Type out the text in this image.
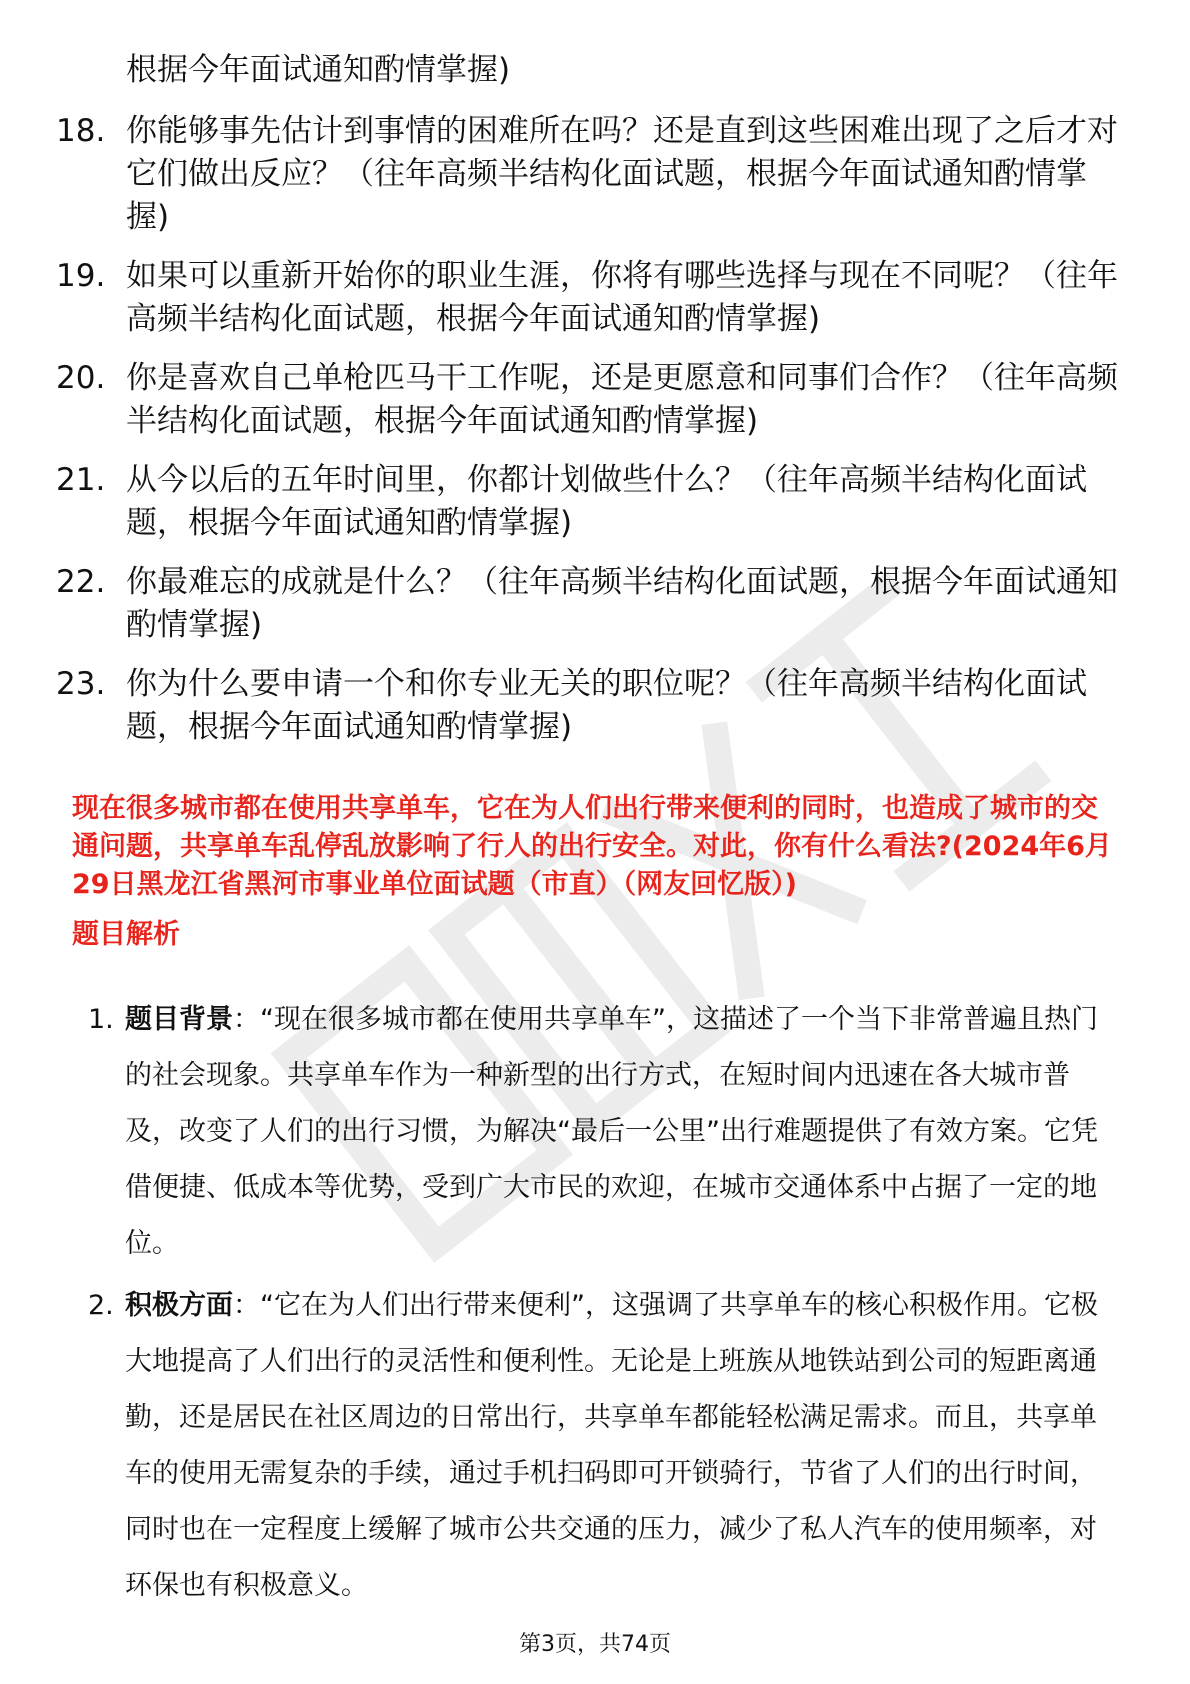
根据今年面试通知酌情掌握)
18. 你能够事先估计到事情的困难所在吗？还是直到这些困难出现了之后才对它们做出反应？（往年高频半结构化面试题，根据今年面试通知酌情掌握)
19. 如果可以重新开始你的职业生涯，你将有哪些选择与现在不同呢？（往年高频半结构化面试题，根据今年面试通知酌情掌握)
20. 你是喜欢自己单枪匹马干工作呢，还是更愿意和同事们合作？（往年高频半结构化面试题，根据今年面试通知酌情掌握)
21. 从今以后的五年时间里，你都计划做些什么？（往年高频半结构化面试题，根据今年面试通知酌情掌握)
22. 你最难忘的成就是什么？（往年高频半结构化面试题，根据今年面试通知酌情掌握)
23. 你为什么要申请一个和你专业无关的职位呢？（往年高频半结构化面试题，根据今年面试通知酌情掌握)
现在很多城市都在使用共享单车，它在为人们出行带来便利的同时，也造成了城市的交通问题，共享单车乱停乱放影响了行人的出行安全。对此，你有什么看法?(2024年6月29日黑龙江省黑河市事业单位面试题（市直）（网友回忆版）)
题目解析
1. 题目背景：“现在很多城市都在使用共享单车”，这描述了一个当下非常普遍且热门的社会现象。共享单车作为一种新型的出行方式，在短时间内迅速在各大城市普及，改变了人们的出行习惯，为解决“最后一公里”出行难题提供了有效方案。它凭借便捷、低成本等优势，受到广大市民的欢迎，在城市交通体系中占据了一定的地位。
2. 积极方面：“它在为人们出行带来便利”，这强调了共享单车的核心积极作用。它极大地提高了人们出行的灵活性和便利性。无论是上班族从地铁站到公司的短距离通勤，还是居民在社区周边的日常出行，共享单车都能轻松满足需求。而且，共享单车的使用无需复杂的手续，通过手机扫码即可开锁骑行，节省了人们的出行时间，同时也在一定程度上缓解了城市公共交通的压力，减少了私人汽车的使用频率，对环保也有积极意义。
第3页，共74页
